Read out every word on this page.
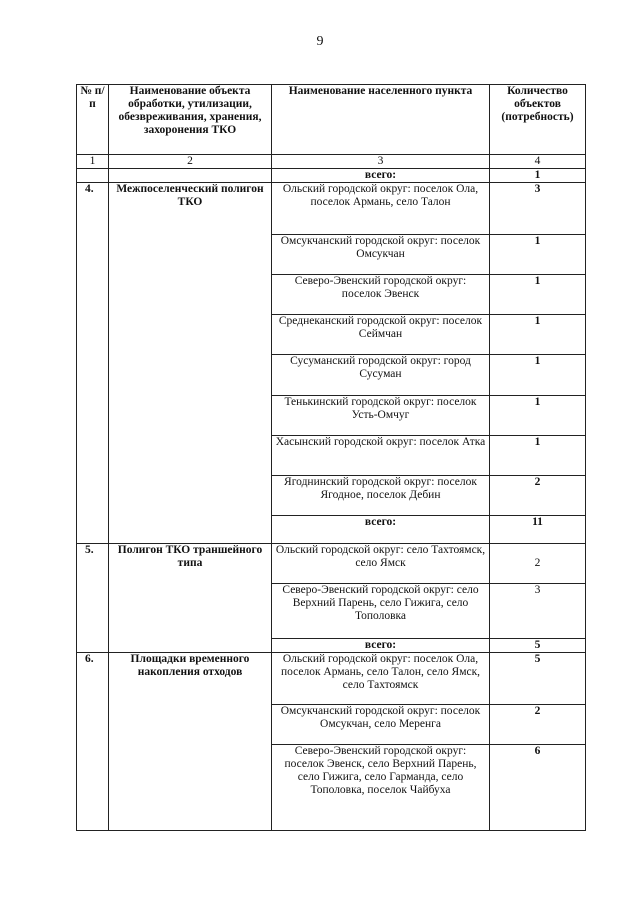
9
№ п/п	Наименование объекта обработки, утилизации, обезвреживания, хранения, захоронения ТКО	Наименование населенного пункта	Количество объектов (потребность)
1	2	3	4
		всего:	1
4.	Межпоселенческий полигон ТКО	Ольский городской округ: поселок Ола, поселок Армань, село Талон	3
		Омсукчанский городской округ: поселок Омсукчан	1
		Северо-Эвенский городской округ: поселок Эвенск	1
		Среднеканский городской округ: поселок Сеймчан	1
		Сусуманский городской округ: город Сусуман	1
		Тенькинский городской округ: поселок Усть-Омчуг	1
		Хасынский городской округ: поселок Атка	1
		Ягоднинский городской округ: поселок Ягодное, поселок Дебин	2
		всего:	11
5.	Полигон ТКО траншейного типа	Ольский городской округ: село Тахтоямск, село Ямск	2
		Северо-Эвенский городской округ: село Верхний Парень, село Гижига, село Тополовка	3
		всего:	5
6.	Площадки временного накопления отходов	Ольский городской округ: поселок Ола, поселок Армань, село Талон, село Ямск, село Тахтоямск	5
		Омсукчанский городской округ: поселок Омсукчан, село Меренга	2
		Северо-Эвенский городской округ: поселок Эвенск, село Верхний Парень, село Гижига, село Гарманда, село Тополовка, поселок Чайбуха	6
